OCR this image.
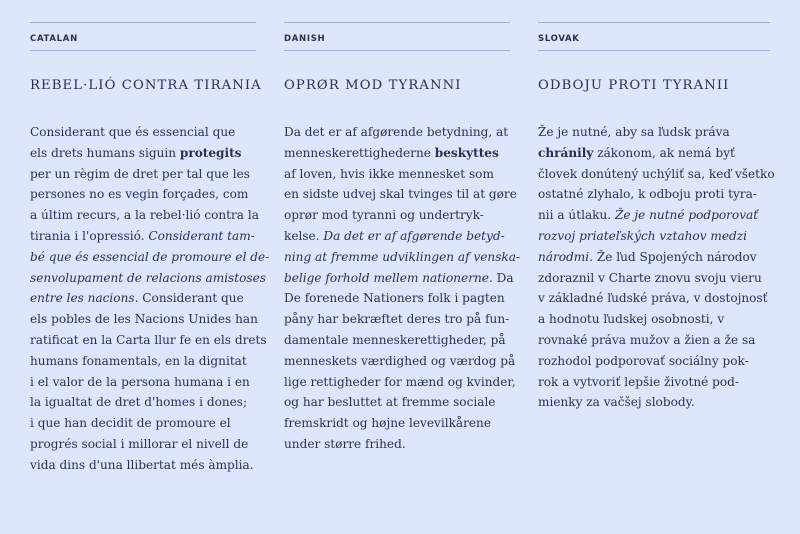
CATALAN
REBEL·LIÓ CONTRA TIRANIA
Considerant que és essencial que
els drets humans siguin protegits
per un règim de dret per tal que les
persones no es vegin forçades, com
a últim recurs, a la rebel·lió contra la
tirania i l'opressió. Considerant tam-
bé que és essencial de promoure el de-
senvolupament de relacions amistoses
entre les nacions. Considerant que
els pobles de les Nacions Unides han
ratificat en la Carta llur fe en els drets
humans fonamentals, en la dignitat
i el valor de la persona humana i en
la igualtat de dret d'homes i dones;
i que han decidit de promoure el
progrés social i millorar el nivell de
vida dins d'una llibertat més àmplia.
DANISH
OPRØR MOD TYRANNI
Da det er af afgørende betydning, at
menneskerettighederne beskyttes
af loven, hvis ikke mennesket som
en sidste udvej skal tvinges til at gøre
oprør mod tyranni og undertryk-
kelse. Da det er af afgørende betyd-
ning at fremme udviklingen af venska-
belige forhold mellem nationerne. Da
De forenede Nationers folk i pagten
påny har bekræftet deres tro på fun-
damentale menneskerettigheder, på
menneskets værdighed og værdog på
lige rettigheder for mænd og kvinder,
og har besluttet at fremme sociale
fremskridt og højne levevilkårene
under større frihed.
SLOVAK
ODBOJU PROTI TYRANII
Že je nutné, aby sa ľudsk práva
chránily zákonom, ak nemá byť
človek donútený uchýliť sa, keď všetko
ostatné zlyhalo, k odboju proti tyra-
nii a útlaku. Že je nutné podporovať
rozvoj priateľských vztahov medzi
národmi. Že ľud Spojených národov
zdoraznil v Charte znovu svoju vieru
v základné ľudské práva, v dostojnosť
a hodnotu ľudskej osobnosti, v
rovnaké práva mužov a žien a že sa
rozhodol podporovať sociálny pok-
rok a vytvoriť lepšie životné pod-
mienky za vačšej slobody.
